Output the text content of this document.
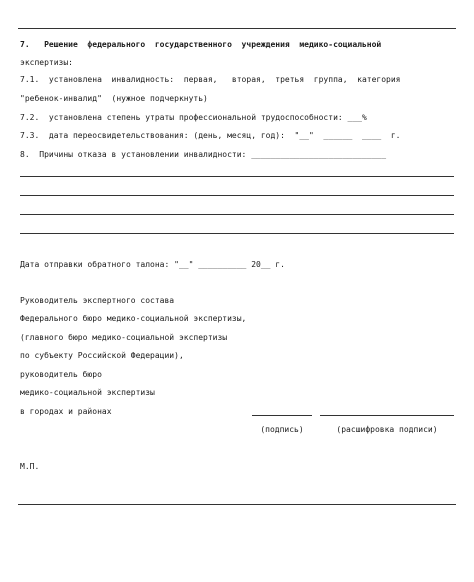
7.   Решение  федерального  государственного  учреждения  медико-социальной
экспертизы:
7.1.  установлена  инвалидность:  первая,   вторая,  третья  группа,  категория
"ребенок-инвалид"  (нужное подчеркнуть)
7.2.  установлена степень утраты профессиональной трудоспособности: ___%
7.3.  дата переосвидетельствования: (день, месяц, год):  "__"  ______  ____  г.
8.  Причины отказа в установлении инвалидности: ____________________________
Дата отправки обратного талона: "__" __________ 20__ г.
Руководитель экспертного состава
Федерального бюро медико-социальной экспертизы,
(главного бюро медико-социальной экспертизы
по субъекту Российской Федерации),
руководитель бюро
медико-социальной экспертизы
в городах и районах
(подпись)	(расшифровка подписи)
М.П.
